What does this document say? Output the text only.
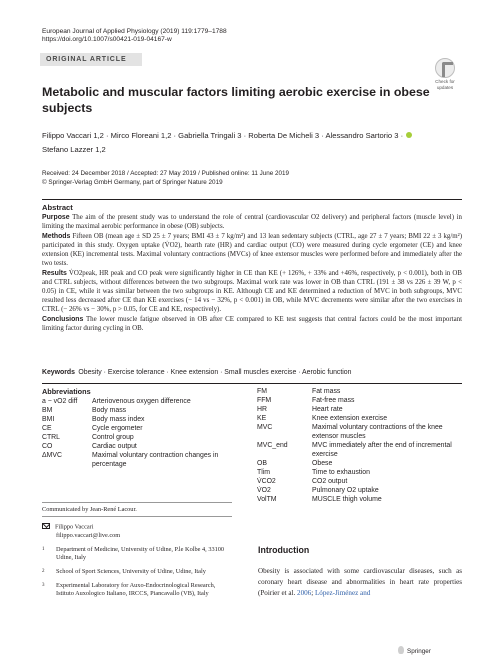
European Journal of Applied Physiology (2019) 119:1779–1788
https://doi.org/10.1007/s00421-019-04167-w
ORIGINAL ARTICLE
Check for
updates
Metabolic and muscular factors limiting aerobic exercise in obese subjects
Filippo Vaccari 1,2 · Mirco Floreani 1,2 · Gabriella Tringali 3 · Roberta De Micheli 3 · Alessandro Sartorio 3 ·
Stefano Lazzer 1,2
Received: 24 December 2018 / Accepted: 27 May 2019 / Published online: 11 June 2019
© Springer-Verlag GmbH Germany, part of Springer Nature 2019
Abstract

Purpose The aim of the present study was to understand the role of central (cardiovascular O2 delivery) and peripheral factors (muscle level) in limiting the maximal aerobic performance in obese (OB) subjects.

Methods Fifteen OB (mean age ± SD 25 ± 7 years; BMI 43 ± 7 kg/m²) and 13 lean sedentary subjects (CTRL, age 27 ± 7 years; BMI 22 ± 3 kg/m²) participated in this study. Oxygen uptake (V̇O2), hearth rate (HR) and cardiac output (CO) were measured during cycle ergometer (CE) and knee extension (KE) incremental tests. Maximal voluntary contractions (MVCs) of knee extensor muscles were performed before and immediately after the two tests.

Results V̇O2peak, HR peak and CO peak were significantly higher in CE than KE (+ 126%, + 33% and +46%, respectively, p < 0.001), both in OB and CTRL subjects, without differences between the two subgroups. Maximal work rate was lower in OB than CTRL (191 ± 38 vs 226 ± 39 W, p < 0.05) in CE, while it was similar between the two subgroups in KE. Although CE and KE determined a reduction of MVC in both subgroups, MVC resulted less decreased after CE than KE exercises (− 14 vs − 32%, p < 0.001) in OB, while MVC decrements were similar after the two exercises in CTRL (− 26% vs − 30%, p > 0.05, for CE and KE, respectively).

Conclusions The lower muscle fatigue observed in OB after CE compared to KE test suggests that central factors could be the most important limiting factor during cycling in OB.

Keywords Obesity · Exercise tolerance · Knee extension · Small muscles exercise · Aerobic function
Abbreviations
a − vO2 diff	Arteriovenous oxygen difference
BM	Body mass
BMI	Body mass index
CE	Cycle ergometer
CTRL	Control group
CO	Cardiac output
ΔMVC	Maximal voluntary contraction changes in percentage
FM	Fat mass
FFM	Fat-free mass
HR	Heart rate
KE	Knee extension exercise
MVC	Maximal voluntary contractions of the knee extensor muscles
MVC_end	MVC immediately after the end of incremental exercise
OB	Obese
Tlim	Time to exhaustion
V̇CO2	CO2 output
V̇O2	Pulmonary O2 uptake
VolTM	MUSCLE thigh volume
Communicated by Jean-René Lacour.
Filippo Vaccari
filippo.vaccari@live.com
1	Department of Medicine, University of Udine, P.le Kolbe 4, 33100 Udine, Italy
2	School of Sport Sciences, University of Udine, Udine, Italy
3	Experimental Laboratory for Auxo-Endocrinological Research, Istituto Auxologico Italiano, IRCCS, Piancavallo (VB), Italy
Introduction

Obesity is associated with some cardiovascular diseases, such as coronary heart disease and abnormalities in heart rate properties (Poirier et al. 2006; López-Jiménez and

Springer
